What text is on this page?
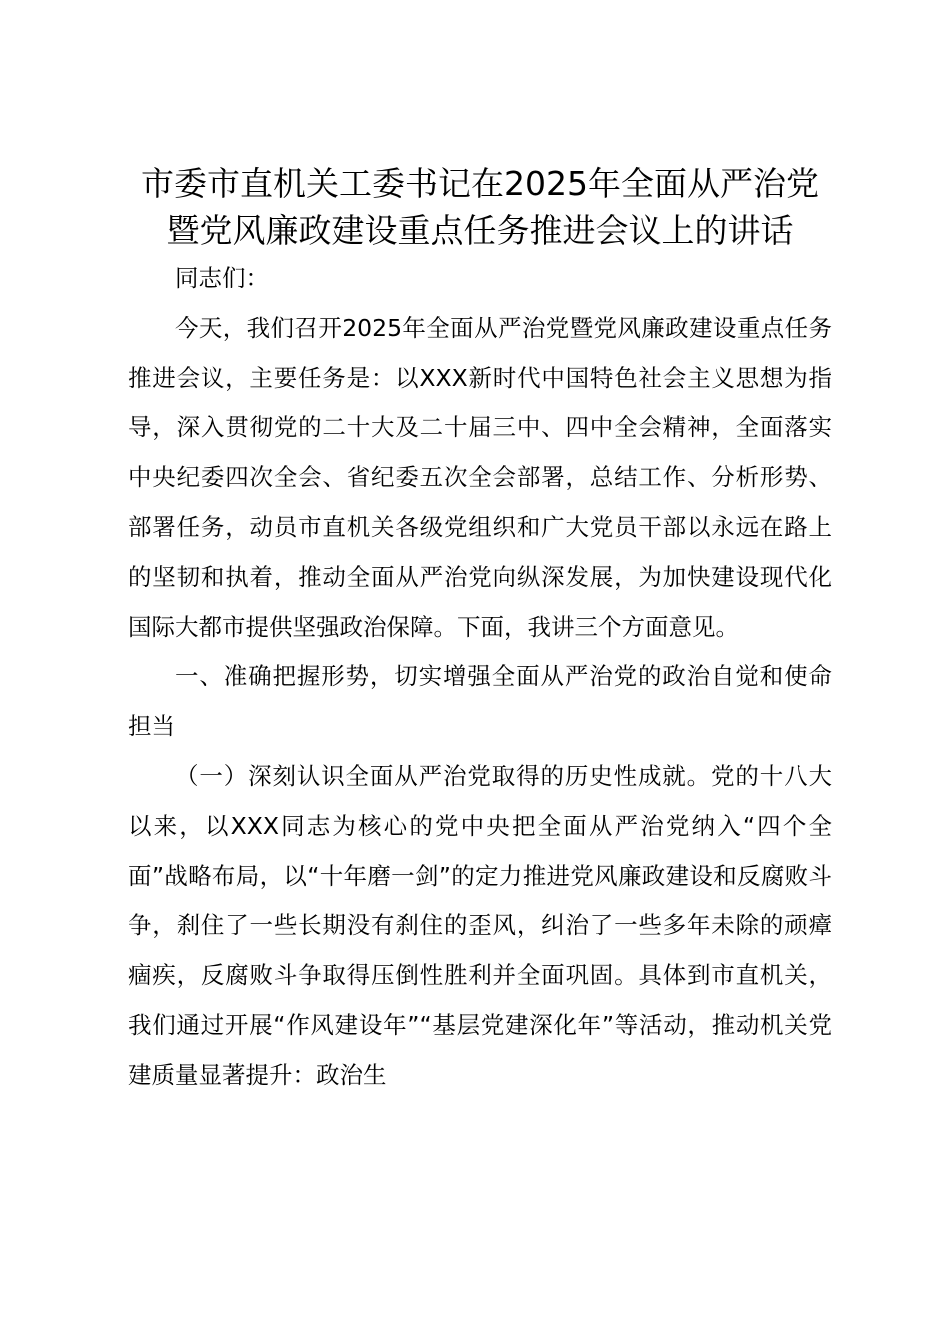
市委市直机关工委书记在2025年全面从严治党暨党风廉政建设重点任务推进会议上的讲话

同志们：

今天，我们召开2025年全面从严治党暨党风廉政建设重点任务推进会议，主要任务是：以XXX新时代中国特色社会主义思想为指导，深入贯彻党的二十大及二十届三中、四中全会精神，全面落实中央纪委四次全会、省纪委五次全会部署，总结工作、分析形势、部署任务，动员市直机关各级党组织和广大党员干部以永远在路上的坚韧和执着，推动全面从严治党向纵深发展，为加快建设现代化国际大都市提供坚强政治保障。下面，我讲三个方面意见。

一、准确把握形势，切实增强全面从严治党的政治自觉和使命担当

（一）深刻认识全面从严治党取得的历史性成就。党的十八大以来，以XXX同志为核心的党中央把全面从严治党纳入“四个全面”战略布局，以“十年磨一剑”的定力推进党风廉政建设和反腐败斗争，刹住了一些长期没有刹住的歪风，纠治了一些多年未除的顽瘴痼疾，反腐败斗争取得压倒性胜利并全面巩固。具体到市直机关，我们通过开展“作风建设年”“基层党建深化年”等活动，推动机关党建质量显著提升：政治生
